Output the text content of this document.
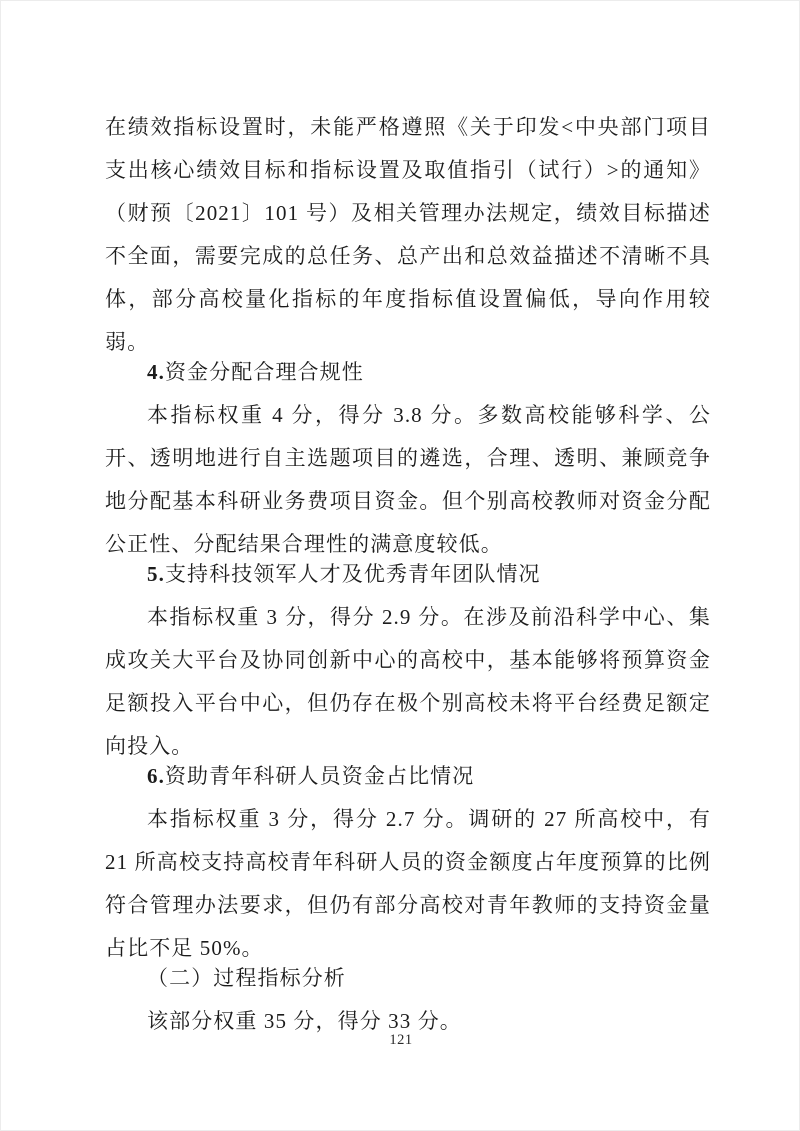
在绩效指标设置时，未能严格遵照《关于印发<中央部门项目支出核心绩效目标和指标设置及取值指引（试行）>的通知》（财预〔2021〕101 号）及相关管理办法规定，绩效目标描述不全面，需要完成的总任务、总产出和总效益描述不清晰不具体，部分高校量化指标的年度指标值设置偏低，导向作用较弱。

4.资金分配合理合规性

本指标权重 4 分，得分 3.8 分。多数高校能够科学、公开、透明地进行自主选题项目的遴选，合理、透明、兼顾竞争地分配基本科研业务费项目资金。但个别高校教师对资金分配公正性、分配结果合理性的满意度较低。

5.支持科技领军人才及优秀青年团队情况

本指标权重 3 分，得分 2.9 分。在涉及前沿科学中心、集成攻关大平台及协同创新中心的高校中，基本能够将预算资金足额投入平台中心，但仍存在极个别高校未将平台经费足额定向投入。

6.资助青年科研人员资金占比情况

本指标权重 3 分，得分 2.7 分。调研的 27 所高校中，有 21 所高校支持高校青年科研人员的资金额度占年度预算的比例符合管理办法要求，但仍有部分高校对青年教师的支持资金量占比不足 50%。

（二）过程指标分析

该部分权重 35 分，得分 33 分。

121
